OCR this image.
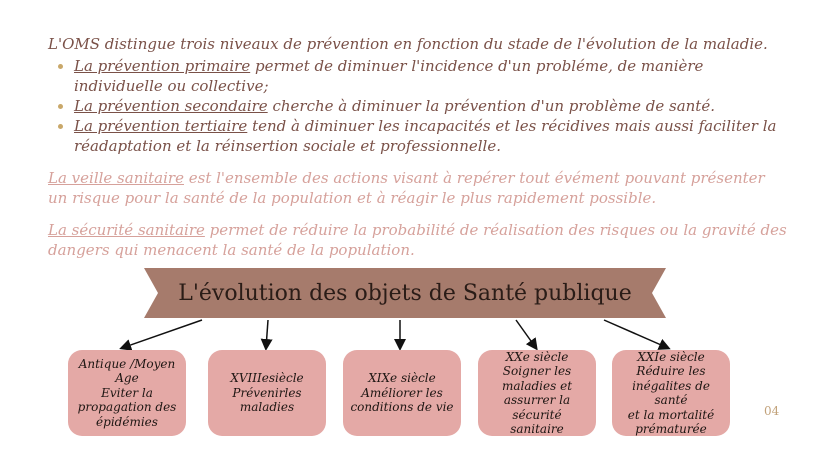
L'OMS distingue trois niveaux de prévention en fonction du stade de l'évolution de la maladie.

• La prévention primaire permet de diminuer l'incidence d'un probléme, de manière individuelle ou collective;
• La prévention secondaire cherche à diminuer la prévention d'un problème de santé.
• La prévention tertiaire tend à diminuer les incapacités et les récidives mais aussi faciliter la réadaptation et la réinsertion sociale et professionnelle.

La veille sanitaire est l'ensemble des actions visant à repérer tout évément pouvant présenter un risque pour la santé de la population et à réagir le plus rapidement possible.

La sécurité sanitaire permet de réduire la probabilité de réalisation des risques ou la gravité des dangers qui menacent la santé de la population.

L'évolution des objets de Santé publique
Antique /Moyen
Age
Eviter la
propagation des
épidémies
XVIIIesiècle
Prévenirles
maladies
XIXe siècle
Améliorer les
conditions de vie
XXe siècle
Soigner les
maladies et
assurrer la sécurité
sanitaire
XXIe siècle
Réduire les
inégalites de santé
et la mortalité
prématurée
04
